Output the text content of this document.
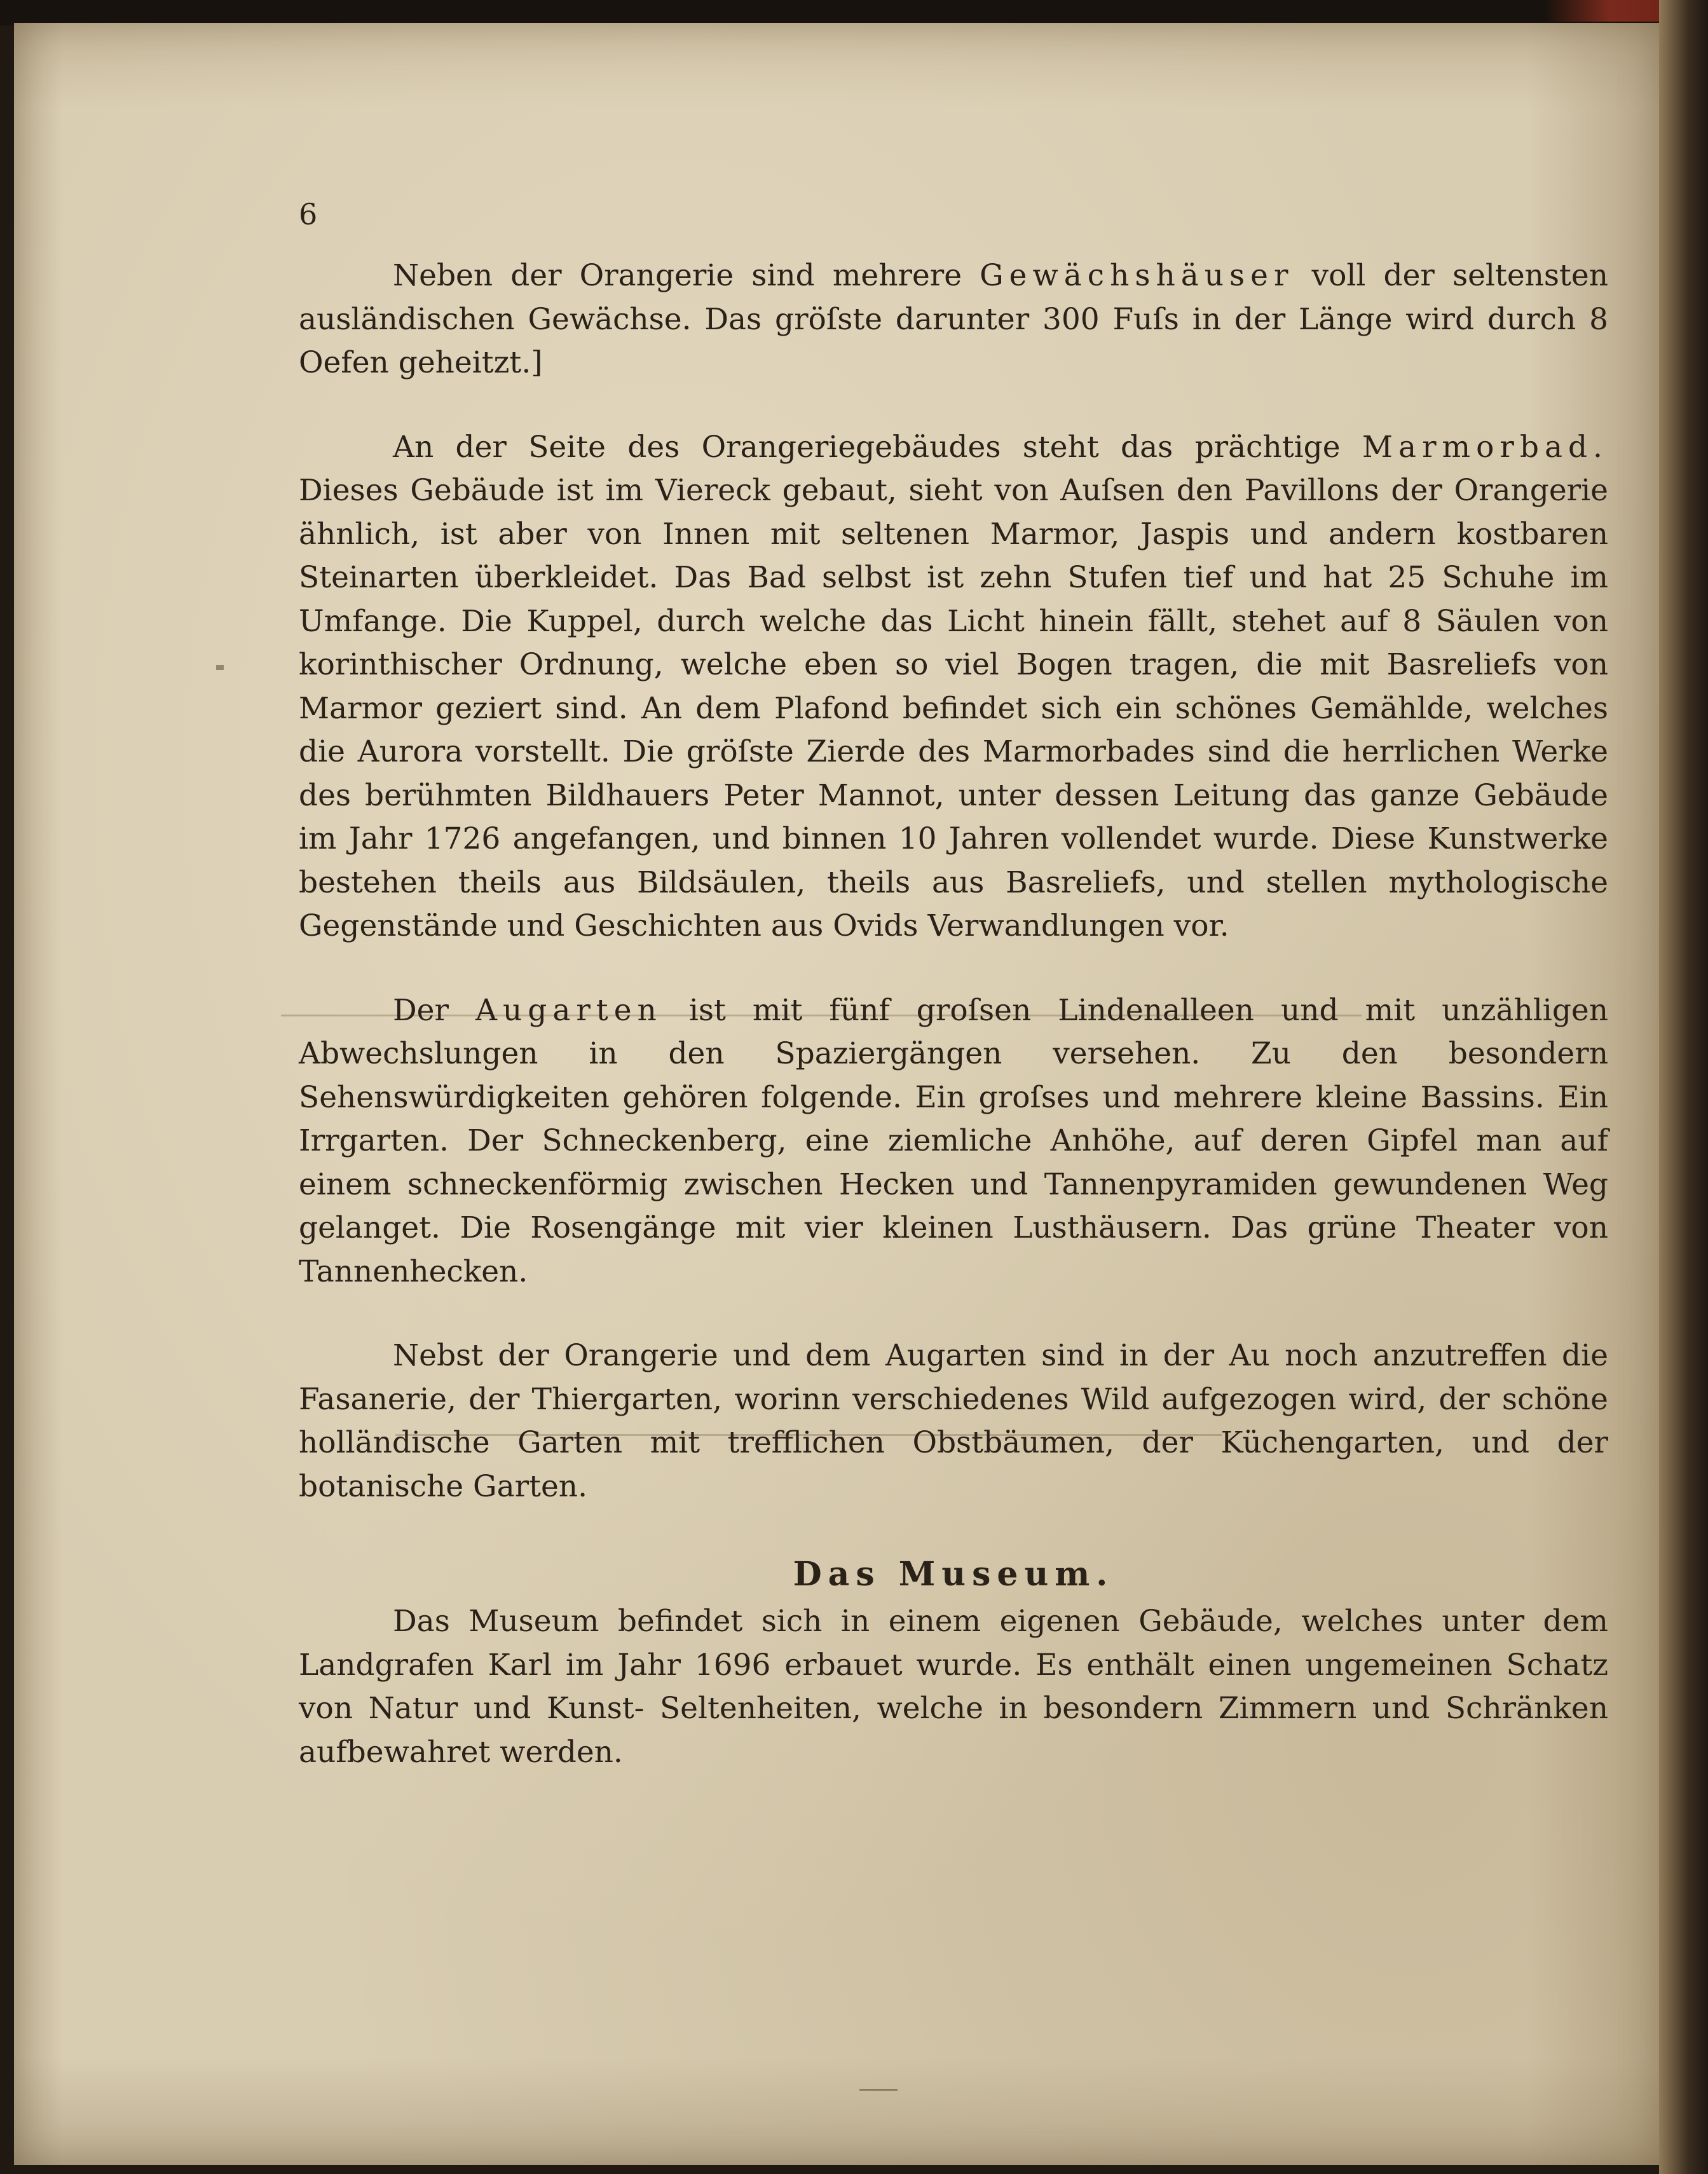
6

Neben der Orangerie sind mehrere Gewächshäuser voll der seltensten ausländischen Gewächse. Das gröſste darunter 300 Fuſs in der Länge wird durch 8 Oefen geheitzt.]

An der Seite des Orangeriegebäudes steht das prächtige Marmorbad. Dieses Gebäude ist im Viereck gebaut, sieht von Auſsen den Pavillons der Orangerie ähnlich, ist aber von Innen mit seltenen Marmor, Jaspis und andern kostbaren Steinarten überkleidet. Das Bad selbst ist zehn Stufen tief und hat 25 Schuhe im Umfange. Die Kuppel, durch welche das Licht hinein fällt, stehet auf 8 Säulen von korinthischer Ordnung, welche eben so viel Bogen tragen, die mit Basreliefs von Marmor geziert sind. An dem Plafond befindet sich ein schönes Gemählde, welches die Aurora vorstellt. Die gröſste Zierde des Marmorbades sind die herrlichen Werke des berühmten Bildhauers Peter Mannot, unter dessen Leitung das ganze Gebäude im Jahr 1726 angefangen, und binnen 10 Jahren vollendet wurde. Diese Kunstwerke bestehen theils aus Bildsäulen, theils aus Basreliefs, und stellen mythologische Gegenstände und Geschichten aus Ovids Verwandlungen vor.

Der Augarten ist mit fünf groſsen Lindenalleen und mit unzähligen Abwechslungen in den Spaziergängen versehen. Zu den besondern Sehenswürdigkeiten gehören folgende. Ein groſses und mehrere kleine Bassins. Ein Irrgarten. Der Schneckenberg, eine ziemliche Anhöhe, auf deren Gipfel man auf einem schneckenförmig zwischen Hecken und Tannenpyramiden gewundenen Weg gelanget. Die Rosengänge mit vier kleinen Lusthäusern. Das grüne Theater von Tannenhecken.

Nebst der Orangerie und dem Augarten sind in der Au noch anzutreffen die Fasanerie, der Thiergarten, worinn verschiedenes Wild aufgezogen wird, der schöne holländische Garten mit trefflichen Obstbäumen, der Küchengarten, und der botanische Garten.

Das Museum.

Das Museum befindet sich in einem eigenen Gebäude, welches unter dem Landgrafen Karl im Jahr 1696 erbauet wurde. Es enthält einen ungemeinen Schatz von Natur und Kunst- Seltenheiten, welche in besondern Zimmern und Schränken aufbewahret werden.
